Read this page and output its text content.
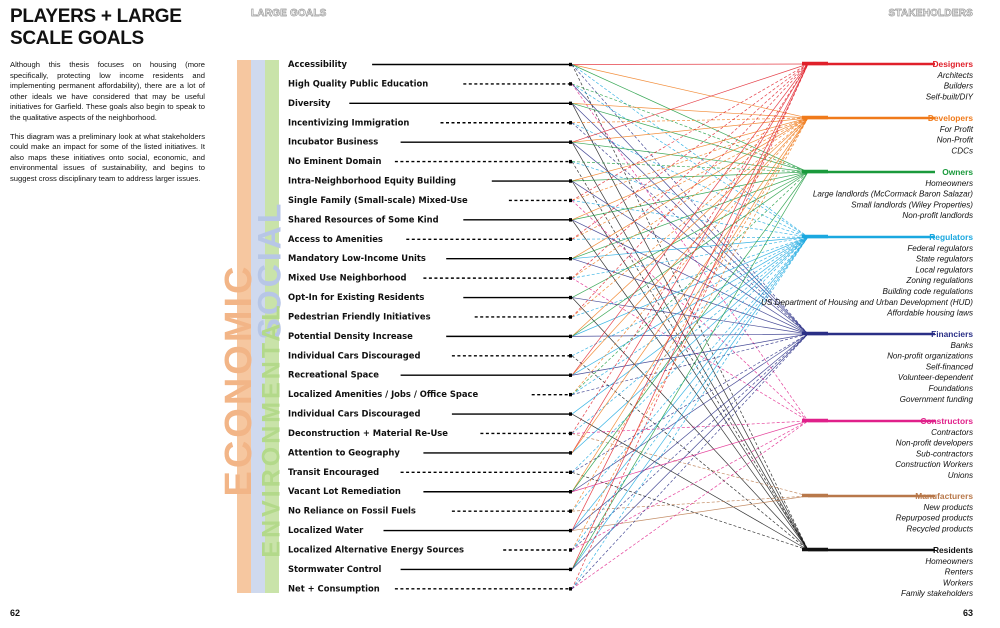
PLAYERS + LARGE SCALE GOALS

Although this thesis focuses on housing (more specifically, protecting low income residents and implementing permanent affordability), there are a lot of other ideals we have considered that may be useful initiatives for Garfield. These goals also begin to speak to the qualitative aspects of the neighborhood.

This diagram was a preliminary look at what stakeholders could make an impact for some of the listed initiatives. It also maps these initiatives onto social, economic, and environmental issues of sustainability, and begins to suggest cross disciplinary team to address larger issues.

LARGE GOALS	STAKEHOLDERS
62	63
ECONOMIC
SOCIAL
ENVIRONMENTAL
Accessibility
High Quality Public Education
Diversity
Incentivizing Immigration
Incubator Business
No Eminent Domain
Intra-Neighborhood Equity Building
Single Family (Small-scale) Mixed-Use
Shared Resources of Some Kind
Access to Amenities
Mandatory Low-Income Units
Mixed Use Neighborhood
Opt-In for Existing Residents
Pedestrian Friendly Initiatives
Potential Density Increase
Individual Cars Discouraged
Recreational Space
Localized Amenities / Jobs / Office Space
Individual Cars Discouraged
Deconstruction + Material Re-Use
Attention to Geography
Transit Encouraged
Vacant Lot Remediation
No Reliance on Fossil Fuels
Localized Water
Localized Alternative Energy Sources
Stormwater Control
Net + Consumption
Designers
Architects
Builders
Self-built/DIY
Developers
For Profit
Non-Profit
CDCs
Owners
Homeowners
Large landlords (McCormack Baron Salazar)
Small landlords (Wiley Properties)
Non-profit landlords
Regulators
Federal regulators
State regulators
Local regulators
Zoning regulations
Building code regulations
US Department of Housing and Urban Development (HUD)
Affordable housing laws
Financiers
Banks
Non-profit organizations
Self-financed
Volunteer-dependent
Foundations
Government funding
Constructors
Contractors
Non-profit developers
Sub-contractors
Construction Workers
Unions
Manufacturers
New products
Repurposed products
Recycled products
Residents
Homeowners
Renters
Workers
Family stakeholders
